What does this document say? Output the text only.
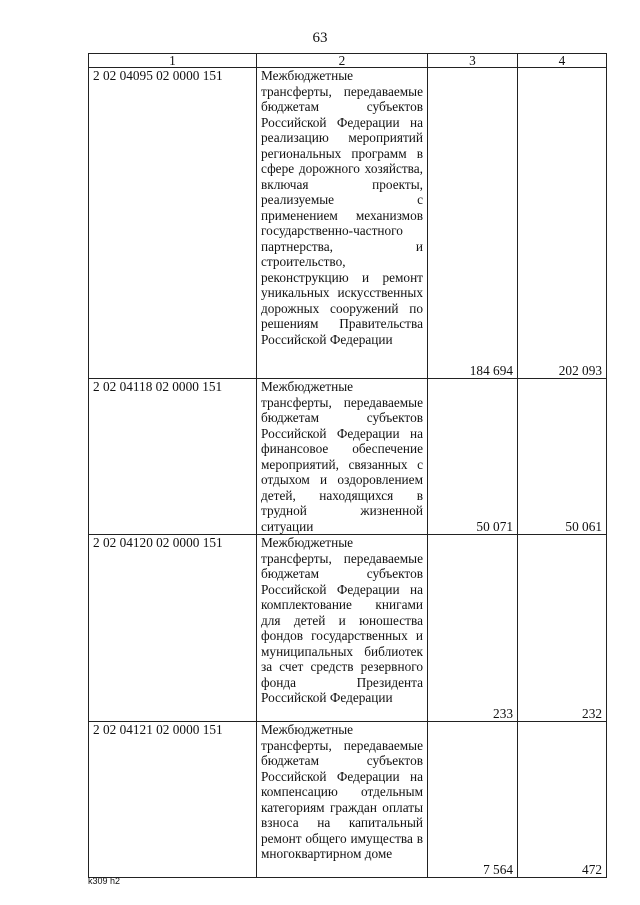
63
1	2	3	4
2 02 04095 02 0000 151	Межбюджетные трансферты, передаваемые бюджетам субъектов Российской Федерации на реализацию мероприятий региональных программ в сфере дорожного хозяйства, включая проекты, реализуемые с применением механизмов государственно-частного партнерства, и строительство, реконструкцию и ремонт уникальных искусственных дорожных сооружений по решениям Правительства Российской Федерации	184 694	202 093
2 02 04118 02 0000 151	Межбюджетные трансферты, передаваемые бюджетам субъектов Российской Федерации на финансовое обеспечение мероприятий, связанных с отдыхом и оздоровлением детей, находящихся в трудной жизненной ситуации	50 071	50 061
2 02 04120 02 0000 151	Межбюджетные трансферты, передаваемые бюджетам субъектов Российской Федерации на комплектование книгами для детей и юношества фондов государственных и муниципальных библиотек за счет средств резервного фонда Президента Российской Федерации	233	232
2 02 04121 02 0000 151	Межбюджетные трансферты, передаваемые бюджетам субъектов Российской Федерации на компенсацию отдельным категориям граждан оплаты взноса на капитальный ремонт общего имущества в многоквартирном доме	7 564	472
k309 h2
